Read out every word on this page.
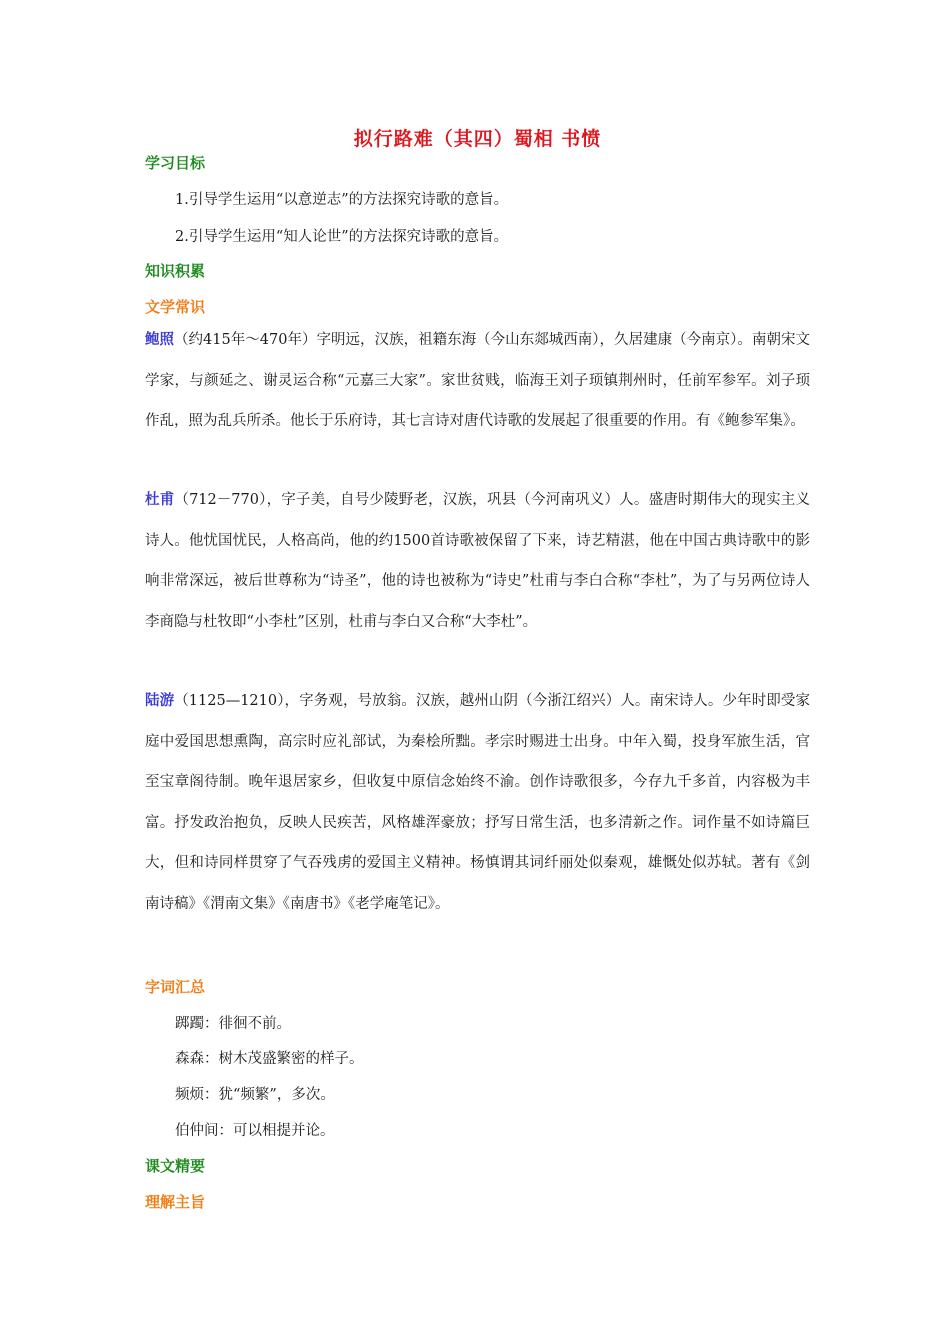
拟行路难（其四）蜀相 书愤
学习目标

1.引导学生运用“以意逆志”的方法探究诗歌的意旨。

2.引导学生运用“知人论世”的方法探究诗歌的意旨。

知识积累
文学常识

鲍照（约415年～470年）字明远，汉族，祖籍东海（今山东郯城西南），久居建康（今南京）。南朝宋文学家，与颜延之、谢灵运合称“元嘉三大家”。家世贫贱，临海王刘子顼镇荆州时，任前军参军。刘子顼作乱，照为乱兵所杀。他长于乐府诗，其七言诗对唐代诗歌的发展起了很重要的作用。有《鲍参军集》。

杜甫（712－770），字子美，自号少陵野老，汉族，巩县（今河南巩义）人。盛唐时期伟大的现实主义诗人。他忧国忧民，人格高尚，他的约1500首诗歌被保留了下来，诗艺精湛，他在中国古典诗歌中的影响非常深远，被后世尊称为“诗圣”，他的诗也被称为“诗史”杜甫与李白合称“李杜”，为了与另两位诗人李商隐与杜牧即“小李杜”区别，杜甫与李白又合称“大李杜”。

陆游（1125—1210），字务观，号放翁。汉族，越州山阴（今浙江绍兴）人。南宋诗人。少年时即受家庭中爱国思想熏陶，高宗时应礼部试，为秦桧所黜。孝宗时赐进士出身。中年入蜀，投身军旅生活，官至宝章阁待制。晚年退居家乡，但收复中原信念始终不渝。创作诗歌很多，今存九千多首，内容极为丰富。抒发政治抱负，反映人民疾苦，风格雄浑豪放；抒写日常生活，也多清新之作。词作量不如诗篇巨大，但和诗同样贯穿了气吞残虏的爱国主义精神。杨慎谓其词纤丽处似秦观，雄慨处似苏轼。著有《剑南诗稿》《渭南文集》《南唐书》《老学庵笔记》。

字词汇总

踯躅：徘徊不前。

森森：树木茂盛繁密的样子。

频烦：犹“频繁”，多次。

伯仲间：可以相提并论。

课文精要
理解主旨
